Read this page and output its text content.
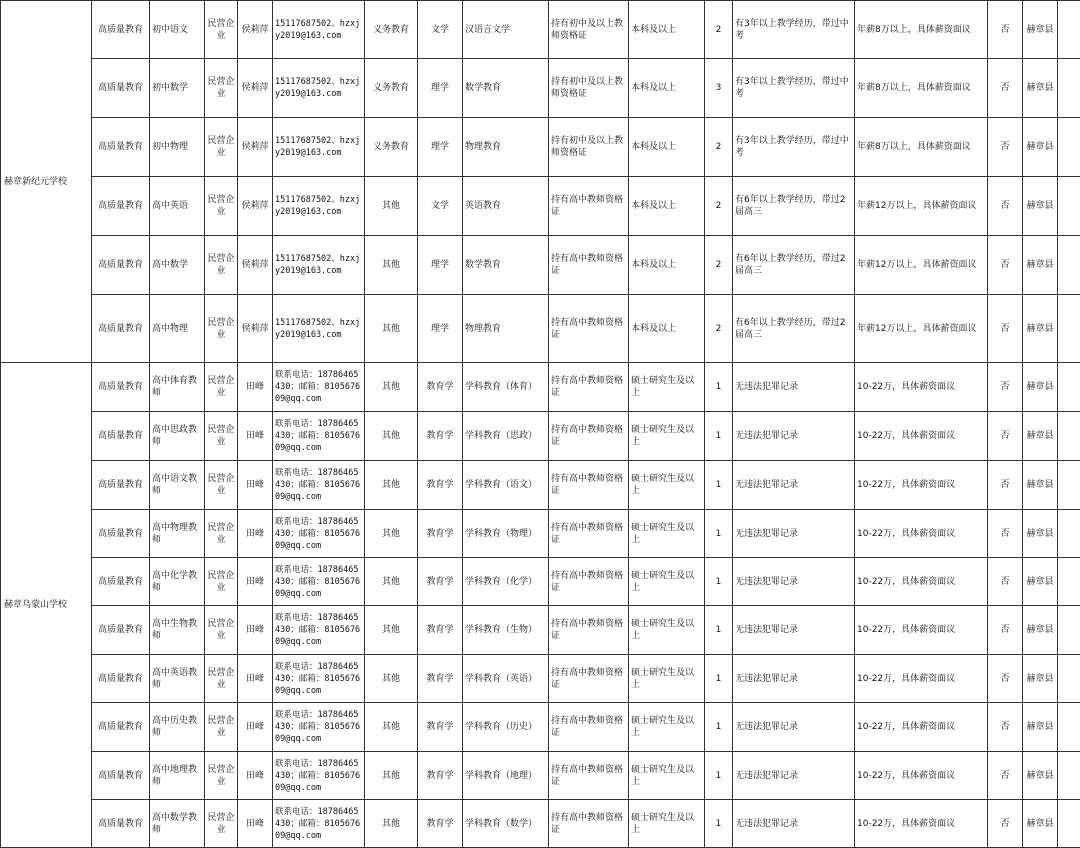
赫章新纪元学校	高质量教育	初中语文	民营企业	侯莉萍	15117687502、hzxjy2019@163.com	义务教育	文学	汉语言文学	持有初中及以上教师资格证	本科及以上	2	有3年以上教学经历，带过中考	年薪8万以上，具体薪资面议	否	赫章县	
	高质量教育	初中数学	民营企业	侯莉萍	15117687502、hzxjy2019@163.com	义务教育	理学	数学教育	持有初中及以上教师资格证	本科及以上	3	有3年以上教学经历，带过中考	年薪8万以上，具体薪资面议	否	赫章县	
	高质量教育	初中物理	民营企业	侯莉萍	15117687502、hzxjy2019@163.com	义务教育	理学	物理教育	持有初中及以上教师资格证	本科及以上	2	有3年以上教学经历，带过中考	年薪8万以上，具体薪资面议	否	赫章县	
	高质量教育	高中英语	民营企业	侯莉萍	15117687502、hzxjy2019@163.com	其他	文学	英语教育	持有高中教师资格证	本科及以上	2	有6年以上教学经历，带过2届高三	年薪12万以上，具体薪资面议	否	赫章县	
	高质量教育	高中数学	民营企业	侯莉萍	15117687502、hzxjy2019@163.com	其他	理学	数学教育	持有高中教师资格证	本科及以上	2	有6年以上教学经历，带过2届高三	年薪12万以上，具体薪资面议	否	赫章县	
	高质量教育	高中物理	民营企业	侯莉萍	15117687502、hzxjy2019@163.com	其他	理学	物理教育	持有高中教师资格证	本科及以上	2	有6年以上教学经历，带过2届高三	年薪12万以上，具体薪资面议	否	赫章县	
赫章乌蒙山学校	高质量教育	高中体育教师	民营企业	田峰	联系电话：18786465430；邮箱：810567609@qq.com	其他	教育学	学科教育（体育）	持有高中教师资格证	硕士研究生及以上	1	无违法犯罪记录	10-22万，具体薪资面议	否	赫章县	
	高质量教育	高中思政教师	民营企业	田峰	联系电话：18786465430；邮箱：810567609@qq.com	其他	教育学	学科教育（思政）	持有高中教师资格证	硕士研究生及以上	1	无违法犯罪记录	10-22万，具体薪资面议	否	赫章县	
	高质量教育	高中语文教师	民营企业	田峰	联系电话：18786465430；邮箱：810567609@qq.com	其他	教育学	学科教育（语文）	持有高中教师资格证	硕士研究生及以上	1	无违法犯罪记录	10-22万，具体薪资面议	否	赫章县	
	高质量教育	高中物理教师	民营企业	田峰	联系电话：18786465430；邮箱：810567609@qq.com	其他	教育学	学科教育（物理）	持有高中教师资格证	硕士研究生及以上	1	无违法犯罪记录	10-22万，具体薪资面议	否	赫章县	
	高质量教育	高中化学教师	民营企业	田峰	联系电话：18786465430；邮箱：810567609@qq.com	其他	教育学	学科教育（化学）	持有高中教师资格证	硕士研究生及以上	1	无违法犯罪记录	10-22万，具体薪资面议	否	赫章县	
	高质量教育	高中生物教师	民营企业	田峰	联系电话：18786465430；邮箱：810567609@qq.com	其他	教育学	学科教育（生物）	持有高中教师资格证	硕士研究生及以上	1	无违法犯罪记录	10-22万，具体薪资面议	否	赫章县	
	高质量教育	高中英语教师	民营企业	田峰	联系电话：18786465430；邮箱：810567609@qq.com	其他	教育学	学科教育（英语）	持有高中教师资格证	硕士研究生及以上	1	无违法犯罪记录	10-22万，具体薪资面议	否	赫章县	
	高质量教育	高中历史教师	民营企业	田峰	联系电话：18786465430；邮箱：810567609@qq.com	其他	教育学	学科教育（历史）	持有高中教师资格证	硕士研究生及以上	1	无违法犯罪记录	10-22万，具体薪资面议	否	赫章县	
	高质量教育	高中地理教师	民营企业	田峰	联系电话：18786465430；邮箱：810567609@qq.com	其他	教育学	学科教育（地理）	持有高中教师资格证	硕士研究生及以上	1	无违法犯罪记录	10-22万，具体薪资面议	否	赫章县	
	高质量教育	高中数学教师	民营企业	田峰	联系电话：18786465430；邮箱：810567609@qq.com	其他	教育学	学科教育（数学）	持有高中教师资格证	硕士研究生及以上	1	无违法犯罪记录	10-22万，具体薪资面议	否	赫章县	
